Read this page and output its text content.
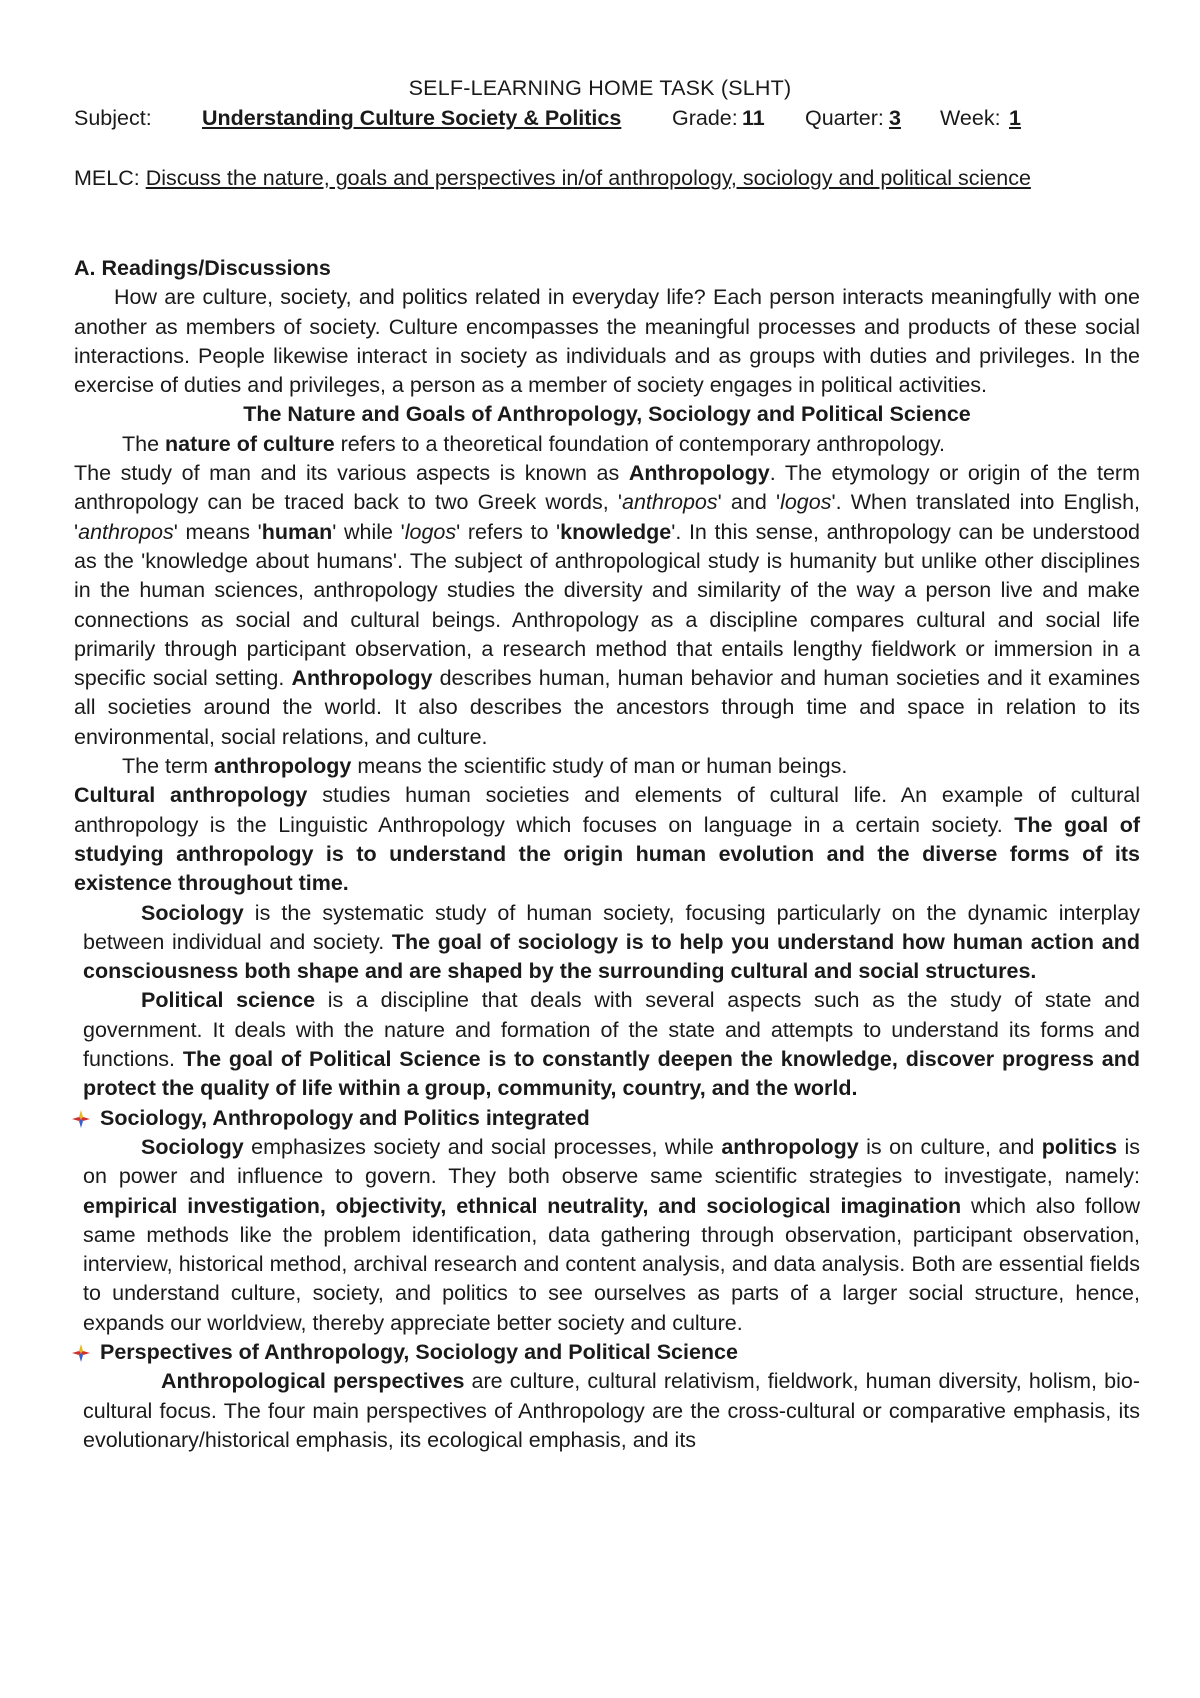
SELF-LEARNING HOME TASK (SLHT)
Subject: Understanding Culture Society & Politics Grade: 11 Quarter: 3 Week: 1
MELC: Discuss the nature, goals and perspectives in/of anthropology, sociology and political science

A. Readings/Discussions

How are culture, society, and politics related in everyday life? Each person interacts meaningfully with one another as members of society. Culture encompasses the meaningful processes and products of these social interactions. People likewise interact in society as individuals and as groups with duties and privileges. In the exercise of duties and privileges, a person as a member of society engages in political activities.

The Nature and Goals of Anthropology, Sociology and Political Science

The nature of culture refers to a theoretical foundation of contemporary anthropology.

The study of man and its various aspects is known as Anthropology. The etymology or origin of the term anthropology can be traced back to two Greek words, 'anthropos' and 'logos'. When translated into English, 'anthropos' means 'human' while 'logos' refers to 'knowledge'. In this sense, anthropology can be understood as the 'knowledge about humans'. The subject of anthropological study is humanity but unlike other disciplines in the human sciences, anthropology studies the diversity and similarity of the way a person live and make connections as social and cultural beings. Anthropology as a discipline compares cultural and social life primarily through participant observation, a research method that entails lengthy fieldwork or immersion in a specific social setting. Anthropology describes human, human behavior and human societies and it examines all societies around the world. It also describes the ancestors through time and space in relation to its environmental, social relations, and culture.

The term anthropology means the scientific study of man or human beings.

Cultural anthropology studies human societies and elements of cultural life. An example of cultural anthropology is the Linguistic Anthropology which focuses on language in a certain society. The goal of studying anthropology is to understand the origin human evolution and the diverse forms of its existence throughout time.

Sociology is the systematic study of human society, focusing particularly on the dynamic interplay between individual and society. The goal of sociology is to help you understand how human action and consciousness both shape and are shaped by the surrounding cultural and social structures.

Political science is a discipline that deals with several aspects such as the study of state and government. It deals with the nature and formation of the state and attempts to understand its forms and functions. The goal of Political Science is to constantly deepen the knowledge, discover progress and protect the quality of life within a group, community, country, and the world.

Sociology, Anthropology and Politics integrated

Sociology emphasizes society and social processes, while anthropology is on culture, and politics is on power and influence to govern. They both observe same scientific strategies to investigate, namely: empirical investigation, objectivity, ethnical neutrality, and sociological imagination which also follow same methods like the problem identification, data gathering through observation, participant observation, interview, historical method, archival research and content analysis, and data analysis. Both are essential fields to understand culture, society, and politics to see ourselves as parts of a larger social structure, hence, expands our worldview, thereby appreciate better society and culture.

Perspectives of Anthropology, Sociology and Political Science

Anthropological perspectives are culture, cultural relativism, fieldwork, human diversity, holism, bio-cultural focus. The four main perspectives of Anthropology are the cross-cultural or comparative emphasis, its evolutionary/historical emphasis, its ecological emphasis, and its
